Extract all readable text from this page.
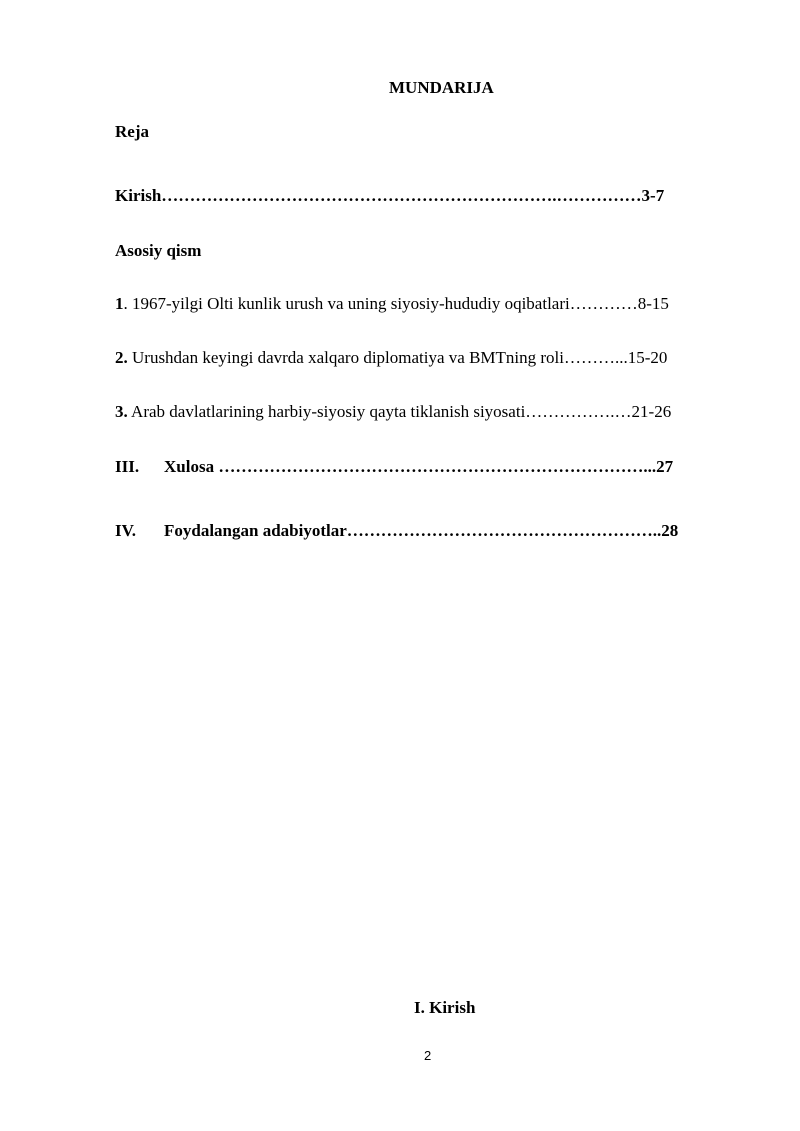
MUNDARIJA
Reja
Kirish…………………………………………………………….……………3-7
Asosiy qism
1. 1967-yilgi Olti kunlik urush va uning siyosiy-hududiy oqibatlari…………8-15
2. Urushdan keyingi davrda xalqaro diplomatiya va BMTning roli………...15-20
3. Arab davlatlarining harbiy-siyosiy qayta tiklanish siyosati…………….…21-26
III. Xulosa …………………………………………………………………...27
IV. Foydalangan adabiyotlar………………………………………………..28
I. Kirish
2
